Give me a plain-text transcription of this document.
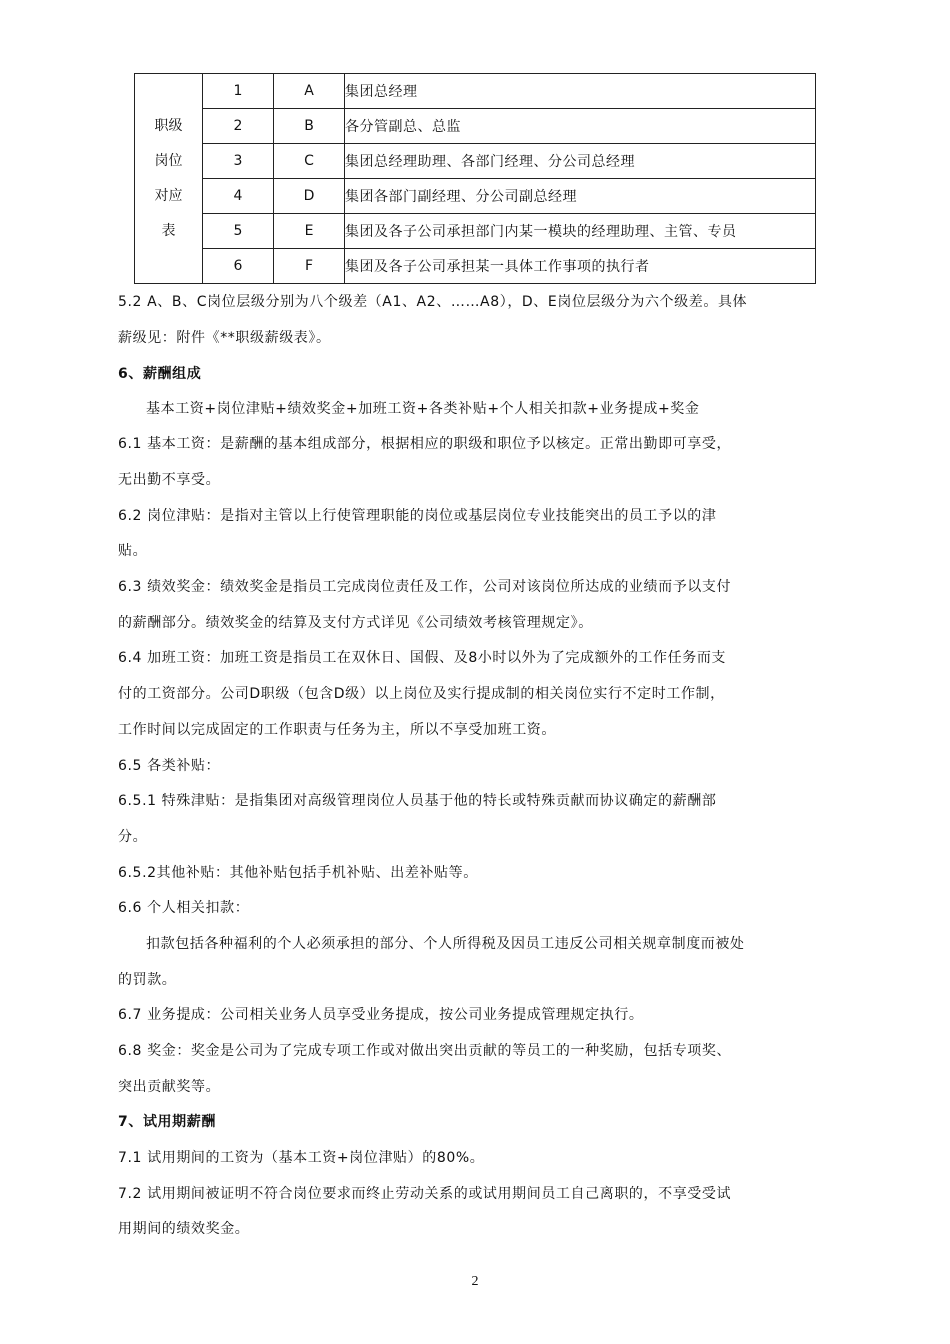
职级
岗位
对应
表	1	A	集团总经理
	2	B	各分管副总、总监
	3	C	集团总经理助理、各部门经理、分公司总经理
	4	D	集团各部门副经理、分公司副总经理
	5	E	集团及各子公司承担部门内某一模块的经理助理、主管、专员
	6	F	集团及各子公司承担某一具体工作事项的执行者
5.2 A、B、C岗位层级分别为八个级差（A1、A2、……A8），D、E岗位层级分为六个级差。具体
薪级见：附件《**职级薪级表》。
6、薪酬组成
基本工资+岗位津贴+绩效奖金+加班工资+各类补贴+个人相关扣款+业务提成+奖金
6.1 基本工资：是薪酬的基本组成部分，根据相应的职级和职位予以核定。正常出勤即可享受，
无出勤不享受。
6.2 岗位津贴：是指对主管以上行使管理职能的岗位或基层岗位专业技能突出的员工予以的津
贴。
6.3 绩效奖金：绩效奖金是指员工完成岗位责任及工作，公司对该岗位所达成的业绩而予以支付
的薪酬部分。绩效奖金的结算及支付方式详见《公司绩效考核管理规定》。
6.4 加班工资：加班工资是指员工在双休日、国假、及8小时以外为了完成额外的工作任务而支
付的工资部分。公司D职级（包含D级）以上岗位及实行提成制的相关岗位实行不定时工作制，
工作时间以完成固定的工作职责与任务为主，所以不享受加班工资。
6.5 各类补贴：
6.5.1 特殊津贴：是指集团对高级管理岗位人员基于他的特长或特殊贡献而协议确定的薪酬部
分。
6.5.2其他补贴：其他补贴包括手机补贴、出差补贴等。
6.6 个人相关扣款：
扣款包括各种福利的个人必须承担的部分、个人所得税及因员工违反公司相关规章制度而被处
的罚款。
6.7 业务提成：公司相关业务人员享受业务提成，按公司业务提成管理规定执行。
6.8 奖金：奖金是公司为了完成专项工作或对做出突出贡献的等员工的一种奖励，包括专项奖、
突出贡献奖等。
7、试用期薪酬
7.1 试用期间的工资为（基本工资+岗位津贴）的80%。
7.2 试用期间被证明不符合岗位要求而终止劳动关系的或试用期间员工自己离职的，不享受受试
用期间的绩效奖金。
2
